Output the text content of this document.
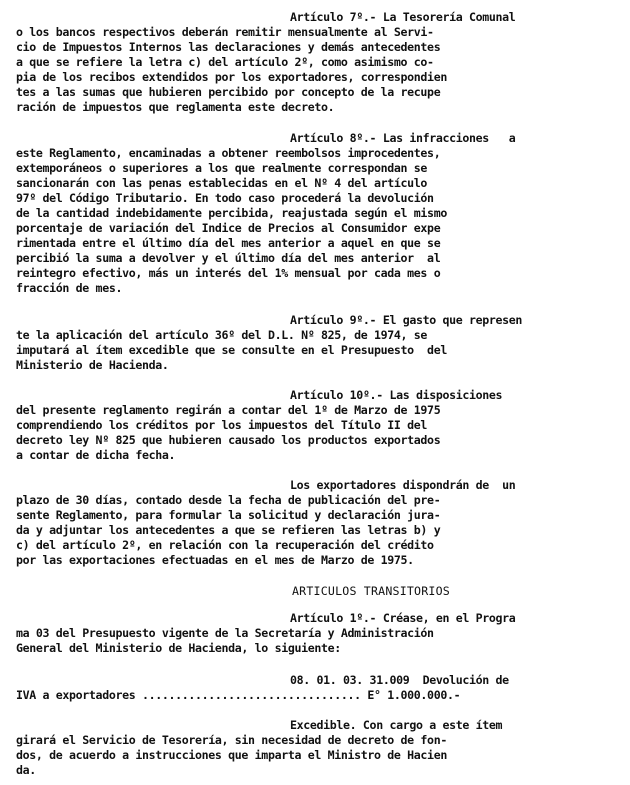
Artículo 7º.- La Tesorería Comunal
o los bancos respectivos deberán remitir mensualmente al Servi-
cio de Impuestos Internos las declaraciones y demás antecedentes
a que se refiere la letra c) del artículo 2º, como asimismo co-
pia de los recibos extendidos por los exportadores, correspondien
tes a las sumas que hubieren percibido por concepto de la recupe
ración de impuestos que reglamenta este decreto.
Artículo 8º.- Las infracciones   a
este Reglamento, encaminadas a obtener reembolsos improcedentes,
extemporáneos o superiores a los que realmente correspondan se
sancionarán con las penas establecidas en el Nº 4 del artículo
97º del Código Tributario. En todo caso procederá la devolución
de la cantidad indebidamente percibida, reajustada según el mismo
porcentaje de variación del Indice de Precios al Consumidor expe
rimentada entre el último día del mes anterior a aquel en que se
percibió la suma a devolver y el último día del mes anterior  al
reintegro efectivo, más un interés del 1% mensual por cada mes o
fracción de mes.
Artículo 9º.- El gasto que represen
te la aplicación del artículo 36º del D.L. Nº 825, de 1974, se
imputará al ítem excedible que se consulte en el Presupuesto  del
Ministerio de Hacienda.
Artículo 10º.- Las disposiciones
del presente reglamento regirán a contar del 1º de Marzo de 1975
comprendiendo los créditos por los impuestos del Título II del
decreto ley Nº 825 que hubieren causado los productos exportados
a contar de dicha fecha.
Los exportadores dispondrán de  un
plazo de 30 días, contado desde la fecha de publicación del pre-
sente Reglamento, para formular la solicitud y declaración jura-
da y adjuntar los antecedentes a que se refieren las letras b) y
c) del artículo 2º, en relación con la recuperación del crédito
por las exportaciones efectuadas en el mes de Marzo de 1975.
ARTICULOS TRANSITORIOS
Artículo 1º.- Créase, en el Progra
ma 03 del Presupuesto vigente de la Secretaría y Administración
General del Ministerio de Hacienda, lo siguiente:
08. 01. 03. 31.009  Devolución de
IVA a exportadores ................................. E° 1.000.000.-
Excedible. Con cargo a este ítem
girará el Servicio de Tesorería, sin necesidad de decreto de fon-
dos, de acuerdo a instrucciones que imparta el Ministro de Hacien
da.
